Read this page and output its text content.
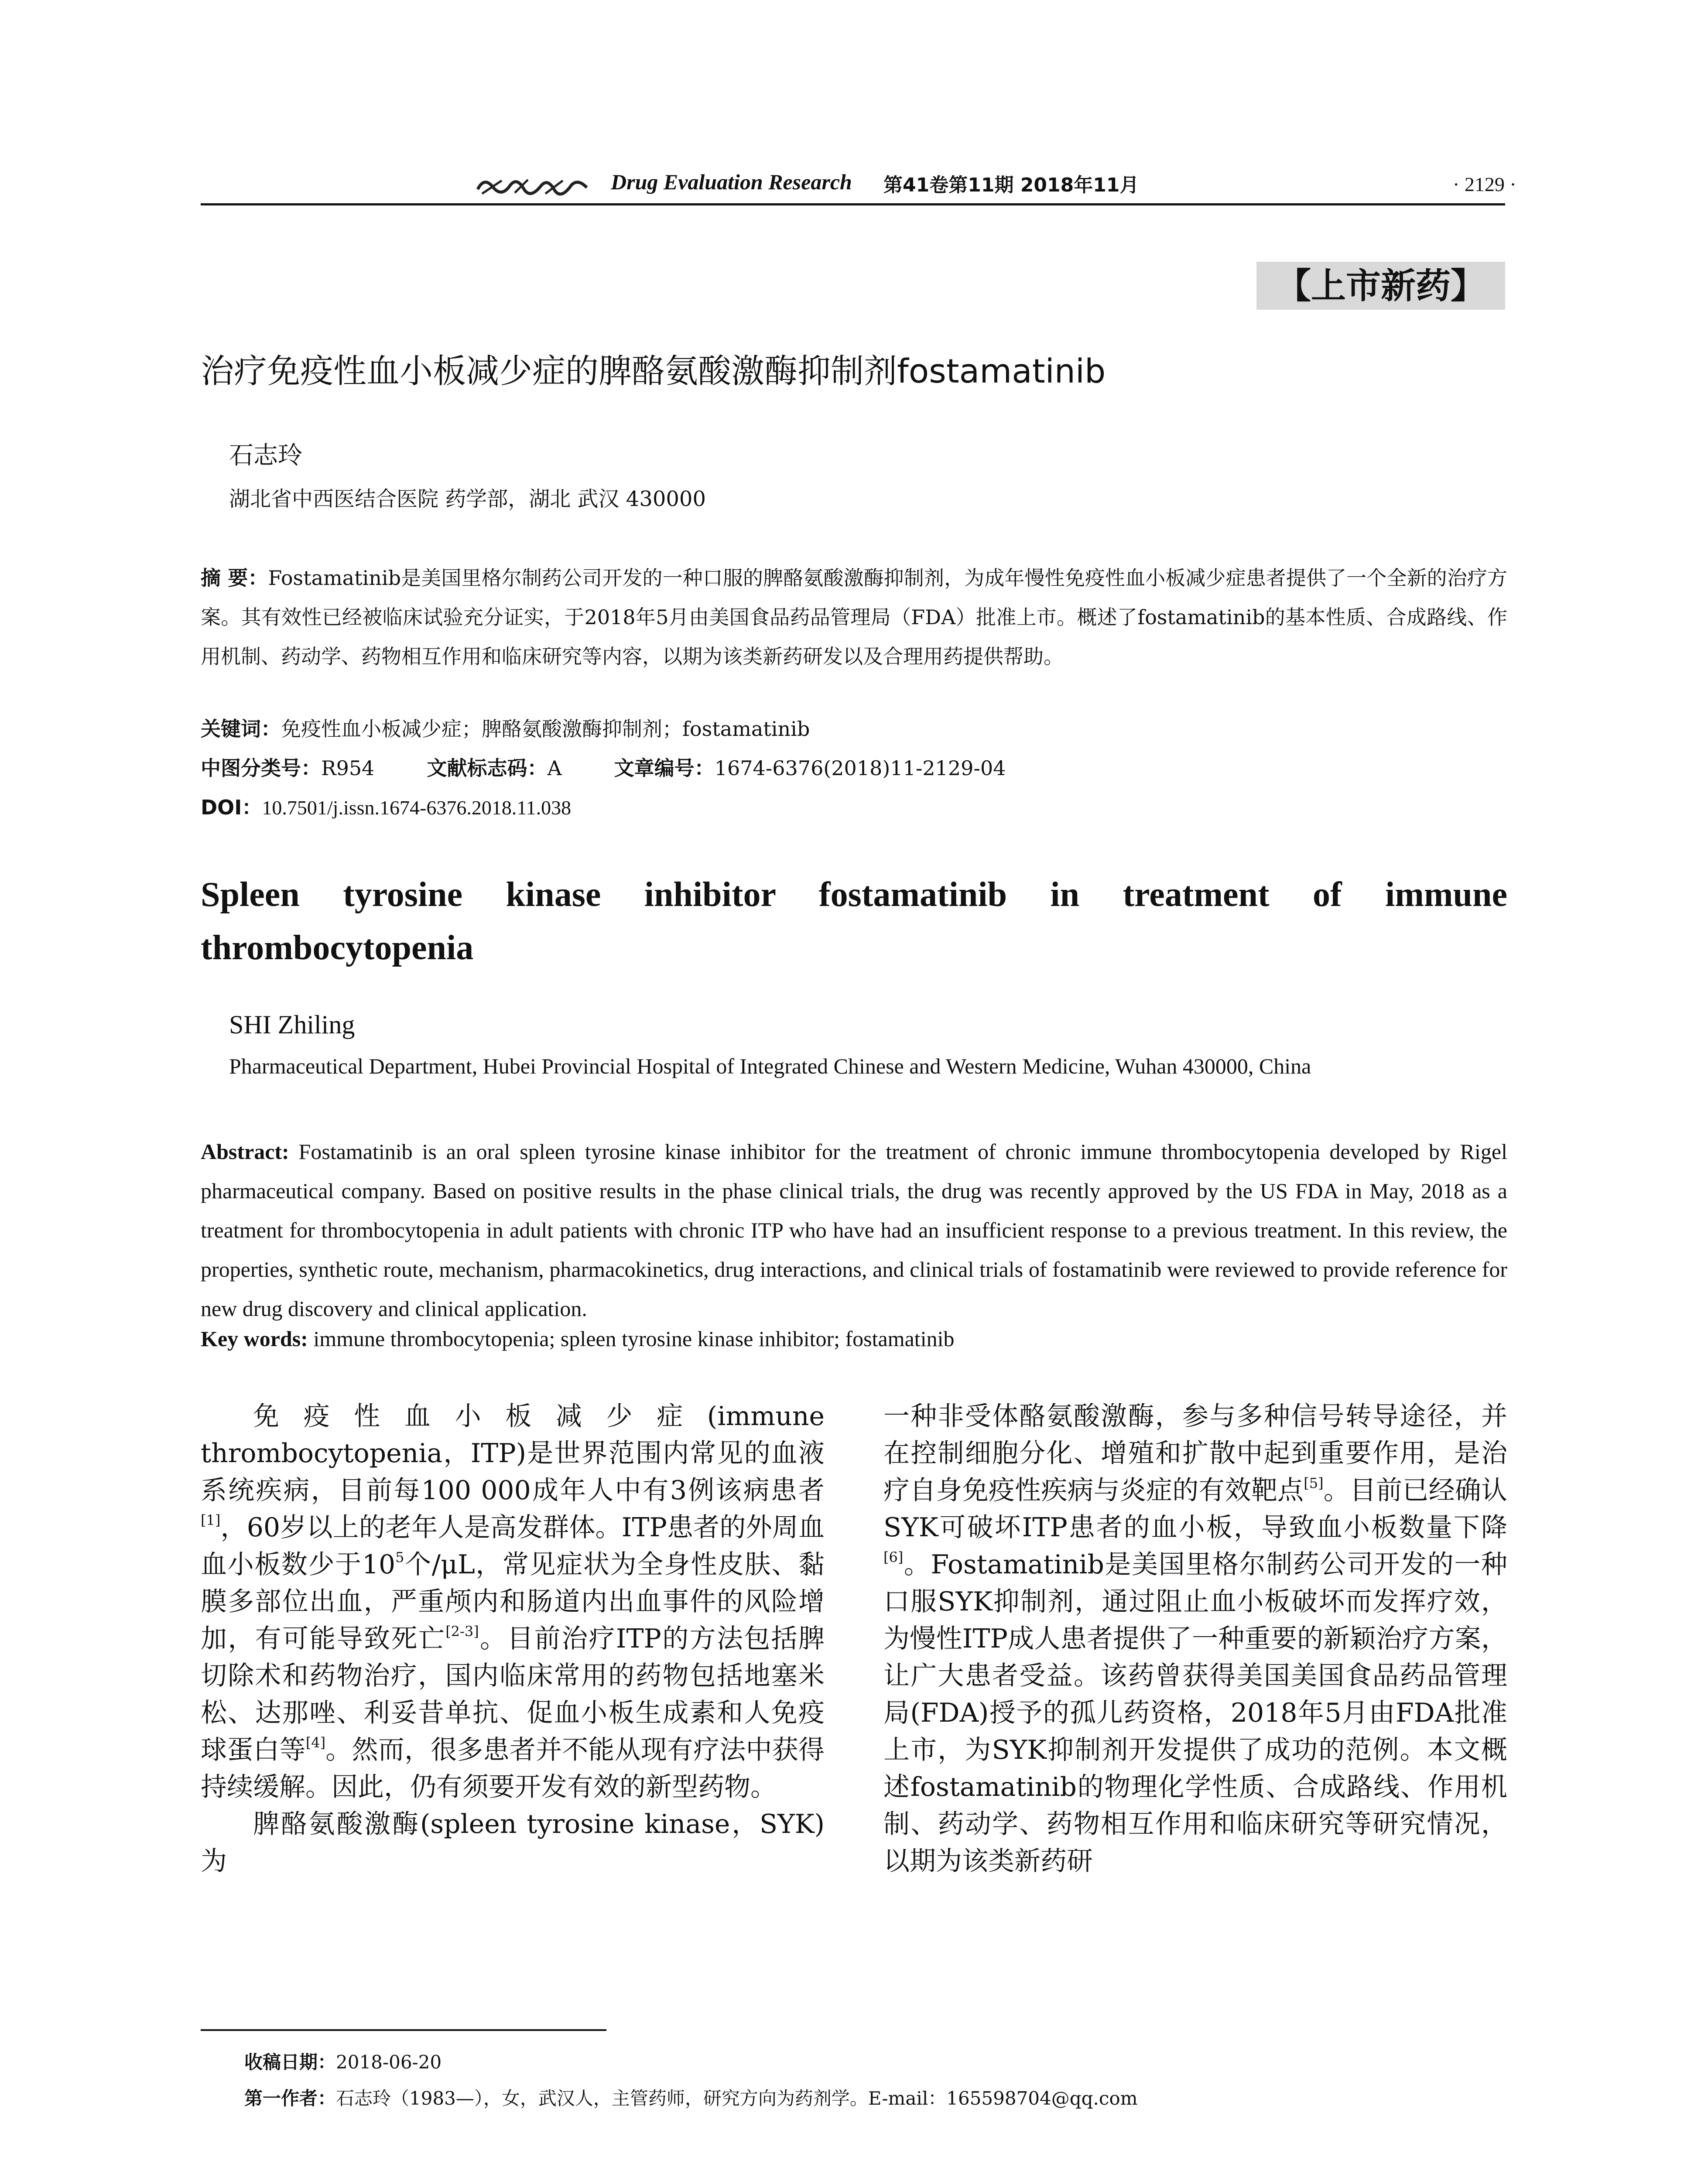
Drug Evaluation Research 第41卷第11期 2018年11月	· 2129 ·
【上市新药】
治疗免疫性血小板减少症的脾酪氨酸激酶抑制剂fostamatinib
石志玲
湖北省中西医结合医院 药学部，湖北 武汉 430000
摘 要：Fostamatinib是美国里格尔制药公司开发的一种口服的脾酪氨酸激酶抑制剂，为成年慢性免疫性血小板减少症患者提供了一个全新的治疗方案。其有效性已经被临床试验充分证实，于2018年5月由美国食品药品管理局（FDA）批准上市。概述了fostamatinib的基本性质、合成路线、作用机制、药动学、药物相互作用和临床研究等内容，以期为该类新药研发以及合理用药提供帮助。
关键词：免疫性血小板减少症；脾酪氨酸激酶抑制剂；fostamatinib
中图分类号：R954	文献标志码：A	文章编号：1674-6376(2018)11-2129-04
DOI：10.7501/j.issn.1674-6376.2018.11.038
Spleen tyrosine kinase inhibitor fostamatinib in treatment of immune thrombocytopenia
SHI Zhiling
Pharmaceutical Department, Hubei Provincial Hospital of Integrated Chinese and Western Medicine, Wuhan 430000, China
Abstract: Fostamatinib is an oral spleen tyrosine kinase inhibitor for the treatment of chronic immune thrombocytopenia developed by Rigel pharmaceutical company. Based on positive results in the phase clinical trials, the drug was recently approved by the US FDA in May, 2018 as a treatment for thrombocytopenia in adult patients with chronic ITP who have had an insufficient response to a previous treatment. In this review, the properties, synthetic route, mechanism, pharmacokinetics, drug interactions, and clinical trials of fostamatinib were reviewed to provide reference for new drug discovery and clinical application.
Key words: immune thrombocytopenia; spleen tyrosine kinase inhibitor; fostamatinib

免疫性血小板减少症(immune thrombocytopenia，ITP)是世界范围内常见的血液系统疾病，目前每100 000成年人中有3例该病患者[1]，60岁以上的老年人是高发群体。ITP患者的外周血血小板数少于$10^5$个/μL，常见症状为全身性皮肤、黏膜多部位出血，严重颅内和肠道内出血事件的风险增加，有可能导致死亡[2-3]。目前治疗ITP的方法包括脾切除术和药物治疗，国内临床常用的药物包括地塞米松、达那唑、利妥昔单抗、促血小板生成素和人免疫球蛋白等[4]。然而，很多患者并不能从现有疗法中获得持续缓解。因此，仍有须要开发有效的新型药物。

脾酪氨酸激酶(spleen tyrosine kinase，SYK)为

一种非受体酪氨酸激酶，参与多种信号转导途径，并在控制细胞分化、增殖和扩散中起到重要作用，是治疗自身免疫性疾病与炎症的有效靶点[5]。目前已经确认SYK可破坏ITP患者的血小板，导致血小板数量下降[6]。Fostamatinib是美国里格尔制药公司开发的一种口服SYK抑制剂，通过阻止血小板破坏而发挥疗效，为慢性ITP成人患者提供了一种重要的新颖治疗方案，让广大患者受益。该药曾获得美国美国食品药品管理局(FDA)授予的孤儿药资格，2018年5月由FDA批准上市，为SYK抑制剂开发提供了成功的范例。本文概述fostamatinib的物理化学性质、合成路线、作用机制、药动学、药物相互作用和临床研究等研究情况，以期为该类新药研

收稿日期：2018-06-20
第一作者：石志玲（1983—），女，武汉人，主管药师，研究方向为药剂学。E-mail：165598704@qq.com
